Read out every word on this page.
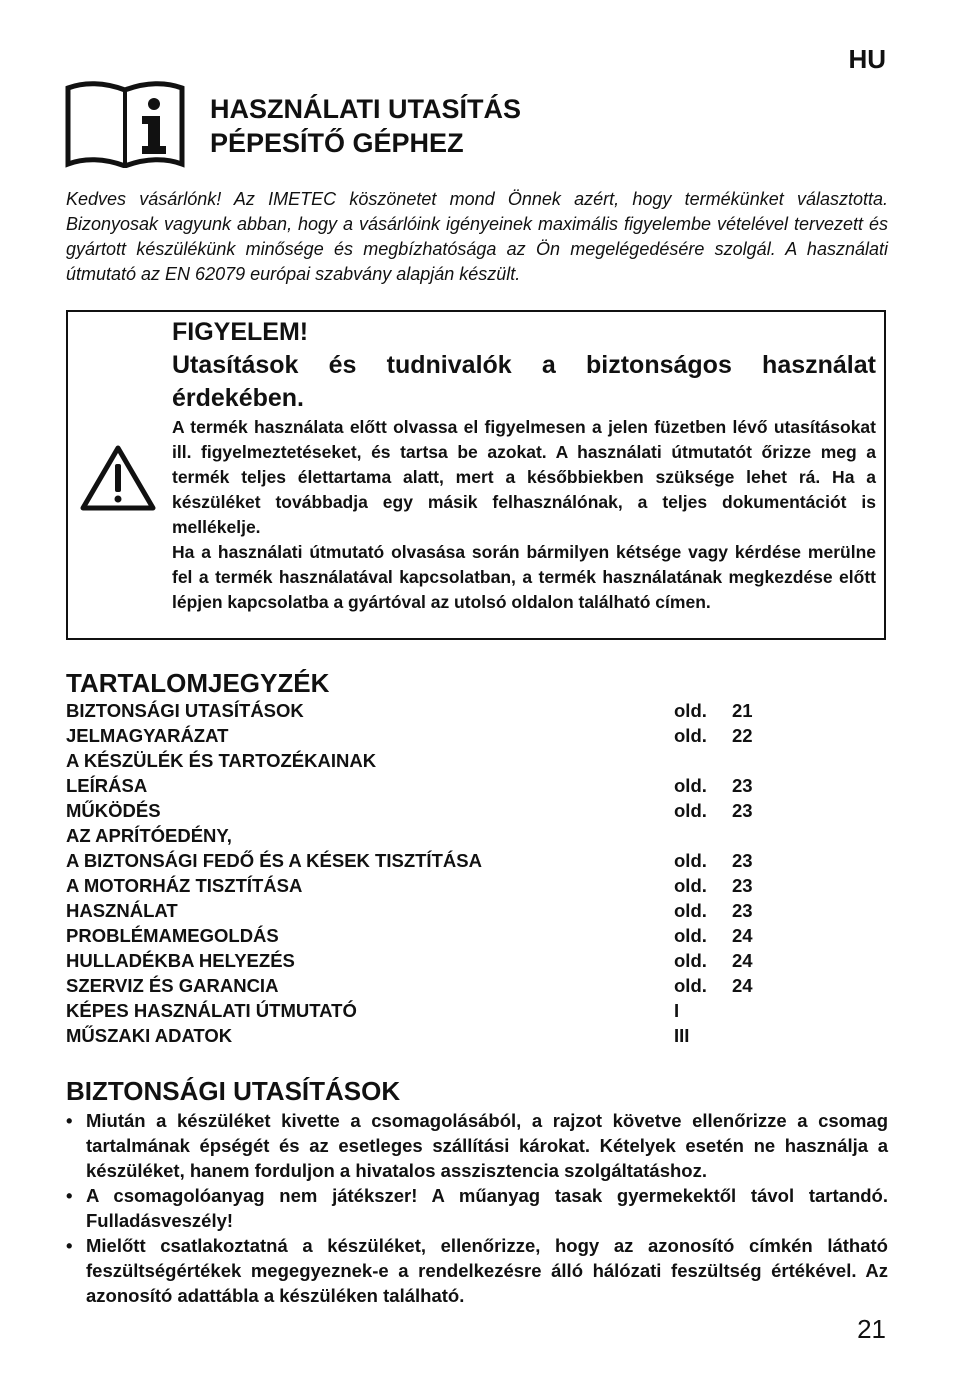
HU
HASZNÁLATI UTASÍTÁS
PÉPESÍTŐ GÉPHEZ

Kedves vásárlónk! Az IMETEC köszönetet mond Önnek azért, hogy termékünket választotta. Bizonyosak vagyunk abban, hogy a vásárlóink igényeinek maximális figyelembe vételével tervezett és gyártott készülékünk minősége és megbízhatósága az Ön megelégedésére szolgál. A használati útmutató az EN 62079 európai szabvány alapján készült.

FIGYELEM!

Utasítások és tudnivalók a biztonságos használat érdekében.

A termék használata előtt olvassa el figyelmesen a jelen füzetben lévő utasításokat ill. figyelmeztetéseket, és tartsa be azokat. A használati útmutatót őrizze meg a termék teljes élettartama alatt, mert a későbbiekben szüksége lehet rá. Ha a készüléket továbbadja egy másik felhasználónak, a teljes dokumentációt is mellékelje.

Ha a használati útmutató olvasása során bármilyen kétsége vagy kérdése merülne fel a termék használatával kapcsolatban, a termék használatának megkezdése előtt lépjen kapcsolatba a gyártóval az utolsó oldalon található címen.

TARTALOMJEGYZÉK
BIZTONSÁGI UTASÍTÁSOK	old. 21
JELMAGYARÁZAT	old. 22
A KÉSZÜLÉK ÉS TARTOZÉKAINAK
LEÍRÁSA	old. 23
MŰKÖDÉS	old. 23
AZ APRÍTÓEDÉNY,
A BIZTONSÁGI FEDŐ ÉS A KÉSEK TISZTÍTÁSA	old. 23
A MOTORHÁZ TISZTÍTÁSA	old. 23
HASZNÁLAT	old. 23
PROBLÉMAMEGOLDÁS	old. 24
HULLADÉKBA HELYEZÉS	old. 24
SZERVIZ ÉS GARANCIA	old. 24
KÉPES HASZNÁLATI ÚTMUTATÓ	I
MŰSZAKI ADATOK	III
BIZTONSÁGI UTASÍTÁSOK
• Miután a készüléket kivette a csomagolásából, a rajzot követve ellenőrizze a csomag tartalmának épségét és az esetleges szállítási károkat. Kételyek esetén ne használja a készüléket, hanem forduljon a hivatalos asszisztencia szolgáltatáshoz.
• A csomagolóanyag nem játékszer! A műanyag tasak gyermekektől távol tartandó. Fulladásveszély!
• Mielőtt csatlakoztatná a készüléket, ellenőrizze, hogy az azonosító címkén látható feszültségértékek megegyeznek-e a rendelkezésre álló hálózati feszültség értékével. Az azonosító adattábla a készüléken található.
21
